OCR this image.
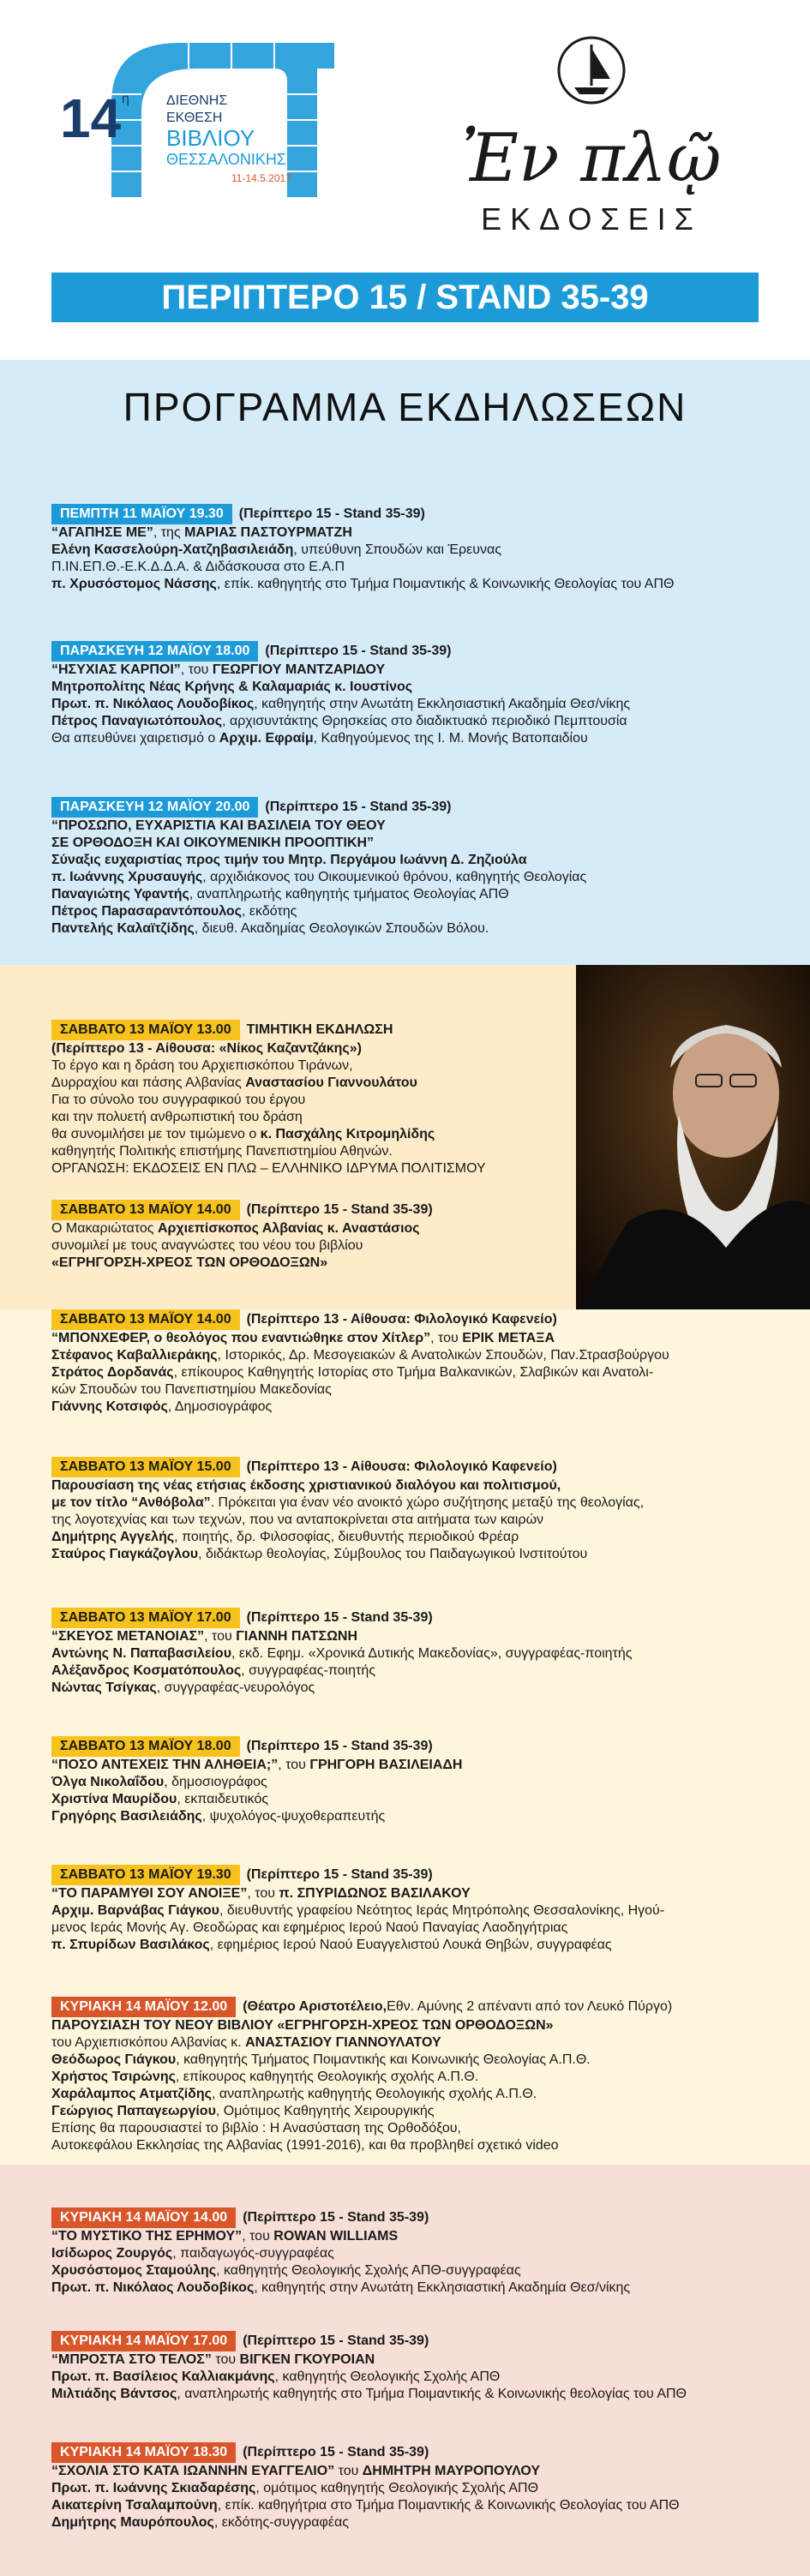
14 η	ΔΙΕΘΝΗΣ
ΕΚΘΕΣΗ
ΒΙΒΛΙΟΥ
ΘΕΣΣΑΛΟΝΙΚΗΣ
11-14.5.2017	Ἐν πλῷ
ΕΚΔΟΣΕΙΣ
ΠΕΡΙΠΤΕΡΟ 15 / STAND 35-39
ΠΡΟΓΡΑΜΜΑ ΕΚΔΗΛΩΣΕΩΝ
ΠΕΜΠΤΗ 11 ΜΑΪΟΥ 19.30	(Περίπτερο 15 - Stand 35-39)
“ΑΓΑΠΗΣΕ ΜΕ”, της ΜΑΡΙΑΣ ΠΑΣΤΟΥΡΜΑΤΖΗ
Ελένη Κασσελούρη-Χατζηβασιλειάδη, υπεύθυνη Σπουδών και Έρευνας
Π.ΙΝ.ΕΠ.Θ.-Ε.Κ.Δ.Δ.Α. & Διδάσκουσα στο Ε.Α.Π
π. Χρυσόστομος Νάσσης, επίκ. καθηγητής στο Τμήμα Ποιμαντικής & Κοινωνικής Θεολογίας του ΑΠΘ
ΠΑΡΑΣΚΕΥΗ 12 ΜΑΪΟΥ 18.00	(Περίπτερο 15 - Stand 35-39)
“ΗΣΥΧΙΑΣ ΚΑΡΠΟΙ”, του ΓΕΩΡΓΙΟΥ ΜΑΝΤΖΑΡΙΔΟΥ
Μητροπολίτης Νέας Κρήνης & Καλαμαριάς κ. Ιουστίνος
Πρωτ. π. Νικόλαος Λουδοβίκος, καθηγητής στην Ανωτάτη Εκκλησιαστική Ακαδημία Θεσ/νίκης
Πέτρος Παναγιωτόπουλος, αρχισυντάκτης Θρησκείας στο διαδικτυακό περιοδικό Πεμπτουσία
Θα απευθύνει χαιρετισμό ο Αρχιμ. Εφραίμ, Καθηγούμενος της Ι. Μ. Μονής Βατοπαιδίου
ΠΑΡΑΣΚΕΥΗ 12 ΜΑΪΟΥ 20.00	(Περίπτερο 15 - Stand 35-39)
“ΠΡΟΣΩΠΟ, ΕΥΧΑΡΙΣΤΙΑ ΚΑΙ ΒΑΣΙΛΕΙΑ ΤΟΥ ΘΕΟΥ
ΣΕ ΟΡΘΟΔΟΞΗ ΚΑΙ ΟΙΚΟΥΜΕΝΙΚΗ ΠΡΟΟΠΤΙΚΗ”
Σύναξις ευχαριστίας προς τιμήν του Μητρ. Περγάμου Ιωάννη Δ. Ζηζιούλα
π. Ιωάννης Χρυσαυγής, αρχιδιάκονος του Οικουμενικού θρόνου, καθηγητής Θεολογίας
Παναγιώτης Υφαντής, αναπληρωτής καθηγητής τμήματος Θεολογίας ΑΠΘ
Πέτρος Πapασαραντόπουλος, εκδότης
Παντελής Καλαϊτζίδης, διευθ. Ακαδημίας Θεολογικών Σπουδών Βόλου.
ΣΑΒΒΑΤΟ 13 ΜΑΪΟΥ 13.00	ΤΙΜΗΤΙΚΗ ΕΚΔΗΛΩΣΗ
(Περίπτερο 13 - Αίθουσα: «Νίκος Καζαντζάκης»)
Το έργο και η δράση του Αρχιεπισκόπου Τιράνων,
Δυρραχίου και πάσης Αλβανίας Αναστασίου Γιαννουλάτου
Για το σύνολο του συγγραφικού του έργου
και την πολυετή ανθρωπιστική του δράση
θα συνομιλήσει με τον τιμώμενο ο κ. Πασχάλης Κιτρομηλίδης
καθηγητής Πολιτικής επιστήμης Πανεπιστημίου Αθηνών.
ΟΡΓΑΝΩΣΗ: ΕΚΔΟΣΕΙΣ ΕΝ ΠΛΩ – ΕΛΛΗΝΙΚΟ ΙΔΡΥΜΑ ΠΟΛΙΤΙΣΜΟΥ
ΣΑΒΒΑΤΟ 13 ΜΑΪΟΥ 14.00	(Περίπτερο 15 - Stand 35-39)
Ο Μακαριώτατος Αρχιεπίσκοπος Αλβανίας κ. Αναστάσιος
συνομιλεί με τους αναγνώστες του νέου του βιβλίου
«ΕΓΡΗΓΟΡΣΗ-ΧΡΕΟΣ ΤΩΝ ΟΡΘΟΔΟΞΩΝ»
ΣΑΒΒΑΤΟ 13 ΜΑΪΟΥ 14.00	(Περίπτερο 13 - Αίθουσα: Φιλολογικό Καφενείο)
“ΜΠΟΝΧΕΦΕΡ, ο θεολόγος που εναντιώθηκε στον Χίτλερ”, του ΕΡΙΚ ΜΕΤΑΞΑ
Στέφανος Καβαλλιεράκης, Ιστορικός, Δρ. Μεσογειακών & Ανατολικών Σπουδών, Παν.Στρασβούργου
Στράτος Δορδανάς, επίκουρος Καθηγητής Ιστορίας στο Τμήμα Βαλκανικών, Σλαβικών και Ανατολι-
κών Σπουδών του Πανεπιστημίου Μακεδονίας
Γιάννης Κοτσιφός, Δημοσιογράφος
ΣΑΒΒΑΤΟ 13 ΜΑΪΟΥ 15.00	(Περίπτερο 13 - Αίθουσα: Φιλολογικό Καφενείο)
Παρουσίαση της νέας ετήσιας έκδοσης χριστιανικού διαλόγου και πολιτισμού,
με τον τίτλο “Ανθόβολα”. Πρόκειται για έναν νέο ανοικτό χώρο συζήτησης μεταξύ της θεολογίας,
της λογοτεχνίας και των τεχνών, που να ανταποκρίνεται στα αιτήματα των καιρών
Δημήτρης Αγγελής, ποιητής, δρ. Φιλοσοφίας, διευθυντής περιοδικού Φρέαρ
Σταύρος Γιαγκάζογλου, διδάκτωρ θεολογίας, Σύμβουλος του Παιδαγωγικού Ινστιτούτου
ΣΑΒΒΑΤΟ 13 ΜΑΪΟΥ 17.00	(Περίπτερο 15 - Stand 35-39)
“ΣΚΕΥΟΣ ΜΕΤΑΝΟΙΑΣ”, του ΓΙΑΝΝΗ ΠΑΤΣΩΝΗ
Αντώνης Ν. Παπαβασιλείου, εκδ. Εφημ. «Χρονικά Δυτικής Μακεδονίας», συγγραφέας-ποιητής
Αλέξανδρος Κοσματόπουλος, συγγραφέας-ποιητής
Νώντας Τσίγκας, συγγραφέας-νευρολόγος
ΣΑΒΒΑΤΟ 13 ΜΑΪΟΥ 18.00	(Περίπτερο 15 - Stand 35-39)
“ΠΟΣΟ ΑΝΤΕΧΕΙΣ ΤΗΝ ΑΛΗΘΕΙΑ;”, του ΓΡΗΓΟΡΗ ΒΑΣΙΛΕΙΑΔΗ
Όλγα Νικολαΐδου, δημοσιογράφος
Χριστίνα Μαυρίδου, εκπαιδευτικός
Γρηγόρης Βασιλειάδης, ψυχολόγος-ψυχοθεραπευτής
ΣΑΒΒΑΤΟ 13 ΜΑΪΟΥ 19.30	(Περίπτερο 15 - Stand 35-39)
“ΤΟ ΠΑΡΑΜΥΘΙ ΣΟΥ ΑΝΟΙΞΕ”, του π. ΣΠΥΡΙΔΩΝΟΣ ΒΑΣΙΛΑΚΟΥ
Αρχιμ. Βαρνάβας Γιάγκου, διευθυντής γραφείου Νεότητος Ιεράς Μητρόπολης Θεσσαλονίκης, Ηγού-
μενος Ιεράς Μονής Αγ. Θεοδώρας και εφημέριος Ιερού Ναού Παναγίας Λαοδηγήτριας
π. Σπυρίδων Βασιλάκος, εφημέριος Ιερού Ναού Ευαγγελιστού Λουκά Θηβών, συγγραφέας
ΚΥΡΙΑΚΗ 14 ΜΑΪΟΥ 12.00	(Θέατρο Αριστοτέλειο, Εθν. Αμύνης 2 απέναντι από τον Λευκό Πύργο)
ΠΑΡΟΥΣΙΑΣΗ ΤΟΥ ΝΕΟΥ ΒΙΒΛΙΟΥ «ΕΓΡΗΓΟΡΣΗ-ΧΡΕΟΣ ΤΩΝ ΟΡΘΟΔΟΞΩΝ»
του Αρχιεπισκόπου Αλβανίας κ. ΑΝΑΣΤΑΣΙΟΥ ΓΙΑΝΝΟΥΛΑΤΟΥ
Θεόδωρος Γιάγκου, καθηγητής Τμήματος Ποιμαντικής και Κοινωνικής Θεολογίας Α.Π.Θ.
Χρήστος Τσιρώνης, επίκουρος καθηγητής Θεολογικής σχολής Α.Π.Θ.
Χαράλαμπος Ατματζίδης, αναπληρωτής καθηγητής Θεολογικής σχολής Α.Π.Θ.
Γεώργιος Παπαγεωργίου, Ομότιμος Καθηγητής Χειρουργικής
Επίσης θα παρουσιαστεί το βιβλίο : Η Ανασύσταση της Ορθοδόξου,
Αυτοκεφάλου Εκκλησίας της Αλβανίας (1991-2016), και θα προβληθεί σχετικό video
ΚΥΡΙΑΚΗ 14 ΜΑΪΟΥ 14.00	(Περίπτερο 15 - Stand 35-39)
“ΤΟ ΜΥΣΤΙΚΟ ΤΗΣ ΕΡΗΜΟΥ”, του ROWAN WILLIAMS
Ισίδωρος Ζουργός, παιδαγωγός-συγγραφέας
Χρυσόστομος Σταμούλης, καθηγητής Θεολογικής Σχολής ΑΠΘ-συγγραφέας
Πρωτ. π. Νικόλαος Λουδοβίκος, καθηγητής στην Ανωτάτη Εκκλησιαστική Ακαδημία Θεσ/νίκης
ΚΥΡΙΑΚΗ 14 ΜΑΪΟΥ 17.00	(Περίπτερο 15 - Stand 35-39)
“ΜΠΡΟΣΤΑ ΣΤΟ ΤΕΛΟΣ” του ΒΙΓΚΕΝ ΓΚΟΥΡΟΙΑΝ
Πρωτ. π. Βασίλειος Καλλιακμάνης, καθηγητής Θεολογικής Σχολής ΑΠΘ
Μιλτιάδης Βάντσος, αναπληρωτής καθηγητής στο Τμήμα Ποιμαντικής & Κοινωνικής θεολογίας του ΑΠΘ
ΚΥΡΙΑΚΗ 14 ΜΑΪΟΥ 18.30	(Περίπτερο 15 - Stand 35-39)
“ΣΧΟΛΙΑ ΣΤΟ ΚΑΤΑ ΙΩΑΝΝΗΝ ΕΥΑΓΓΕΛΙΟ” του ΔΗΜΗΤΡΗ ΜΑΥΡΟΠΟΥΛΟΥ
Πρωτ. π. Ιωάννης Σκιαδαρέσης, ομότιμος καθηγητής Θεολογικής Σχολής ΑΠΘ
Αικατερίνη Τσαλαμπούνη, επίκ. καθηγήτρια στο Τμήμα Ποιμαντικής & Κοινωνικής Θεολογίας του ΑΠΘ
Δημήτρης Μαυρόπουλος, εκδότης-συγγραφέας
